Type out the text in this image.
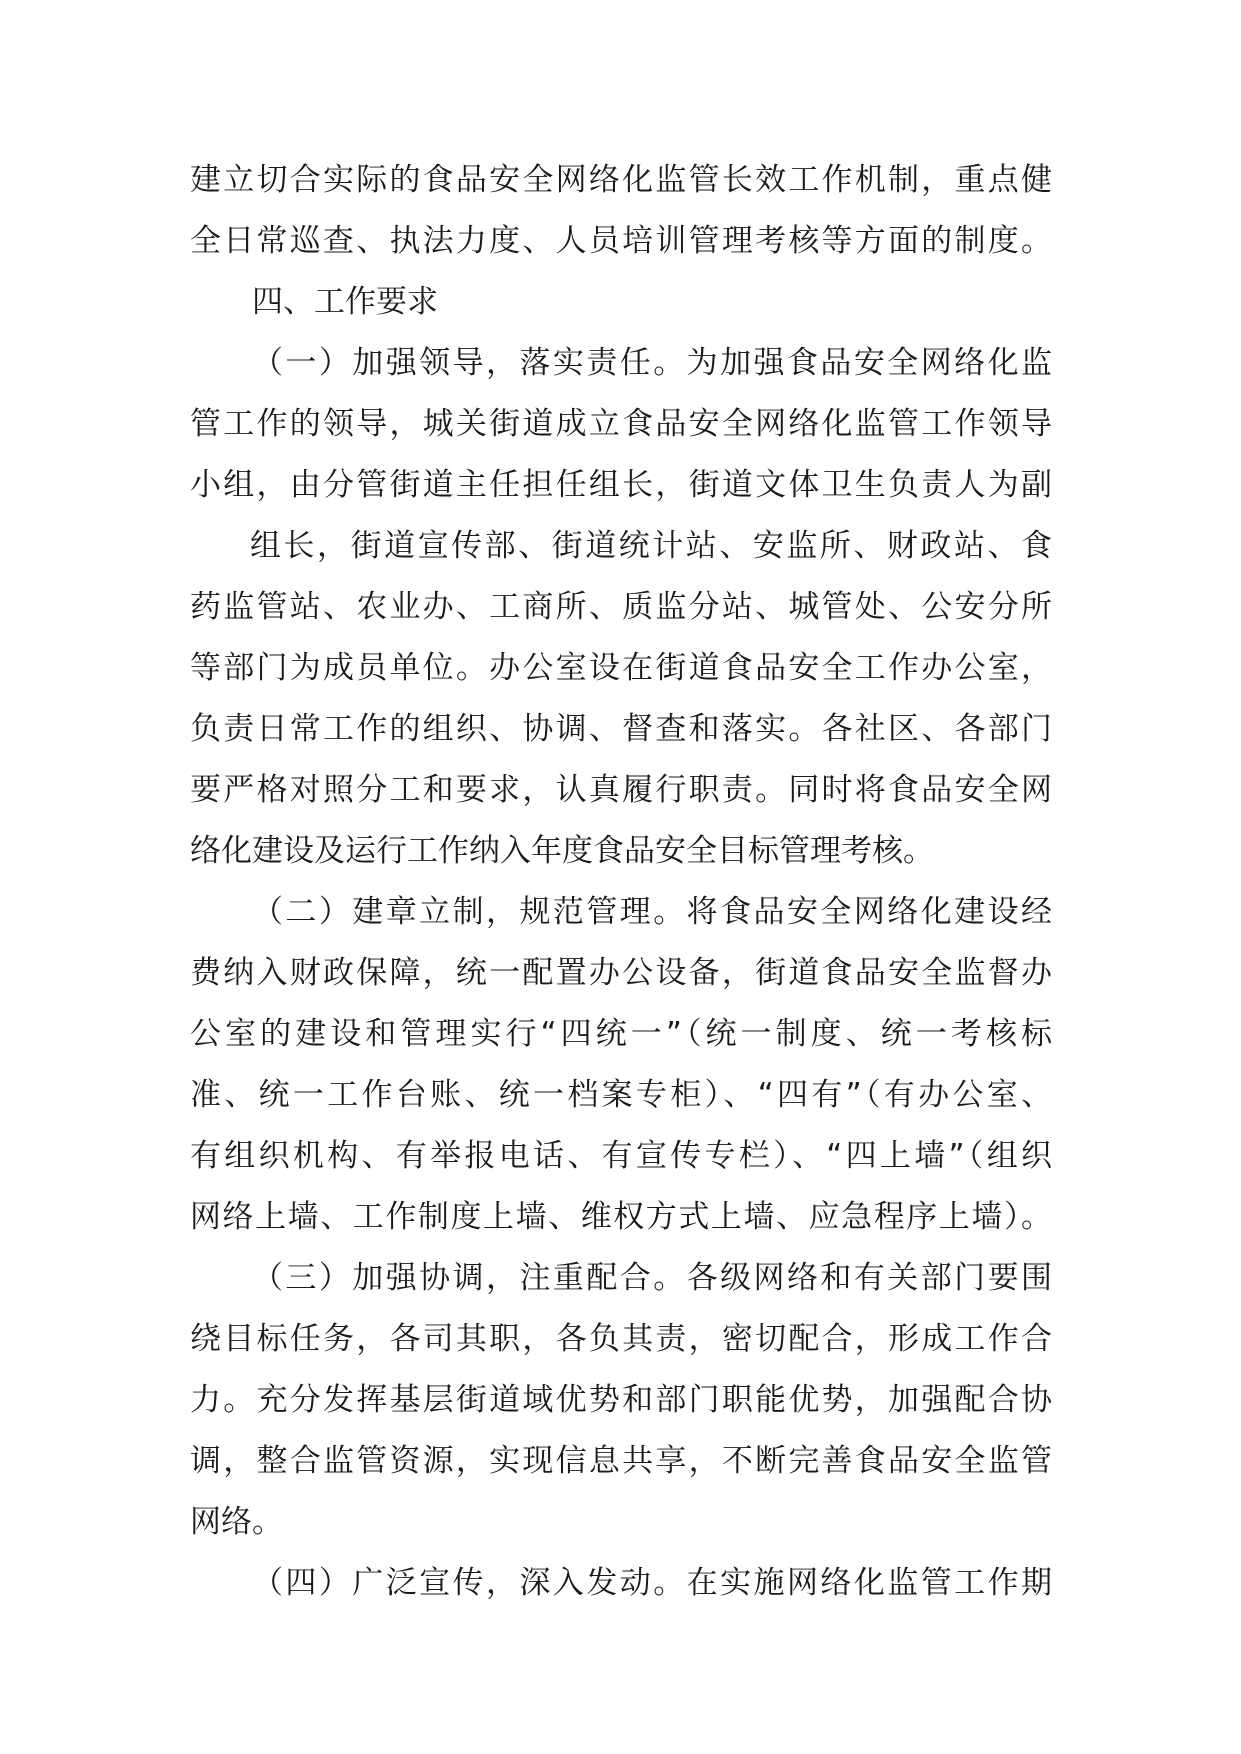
建立切合实际的食品安全网络化监管长效工作机制，重点健
全日常巡查、执法力度、人员培训管理考核等方面的制度。
四、工作要求
（一）加强领导，落实责任。为加强食品安全网络化监
管工作的领导，城关街道成立食品安全网络化监管工作领导
小组，由分管街道主任担任组长，街道文体卫生负责人为副
组长，街道宣传部、街道统计站、安监所、财政站、食
药监管站、农业办、工商所、质监分站、城管处、公安分所
等部门为成员单位。办公室设在街道食品安全工作办公室，
负责日常工作的组织、协调、督查和落实。各社区、各部门
要严格对照分工和要求，认真履行职责。同时将食品安全网
络化建设及运行工作纳入年度食品安全目标管理考核。
（二）建章立制，规范管理。将食品安全网络化建设经
费纳入财政保障，统一配置办公设备，街道食品安全监督办
公室的建设和管理实行“四统一”（统一制度、统一考核标
准、统一工作台账、统一档案专柜）、“四有”（有办公室、
有组织机构、有举报电话、有宣传专栏）、“四上墙”（组织
网络上墙、工作制度上墙、维权方式上墙、应急程序上墙）。
（三）加强协调，注重配合。各级网络和有关部门要围
绕目标任务，各司其职，各负其责，密切配合，形成工作合
力。充分发挥基层街道域优势和部门职能优势，加强配合协
调，整合监管资源，实现信息共享，不断完善食品安全监管
网络。
（四）广泛宣传，深入发动。在实施网络化监管工作期
